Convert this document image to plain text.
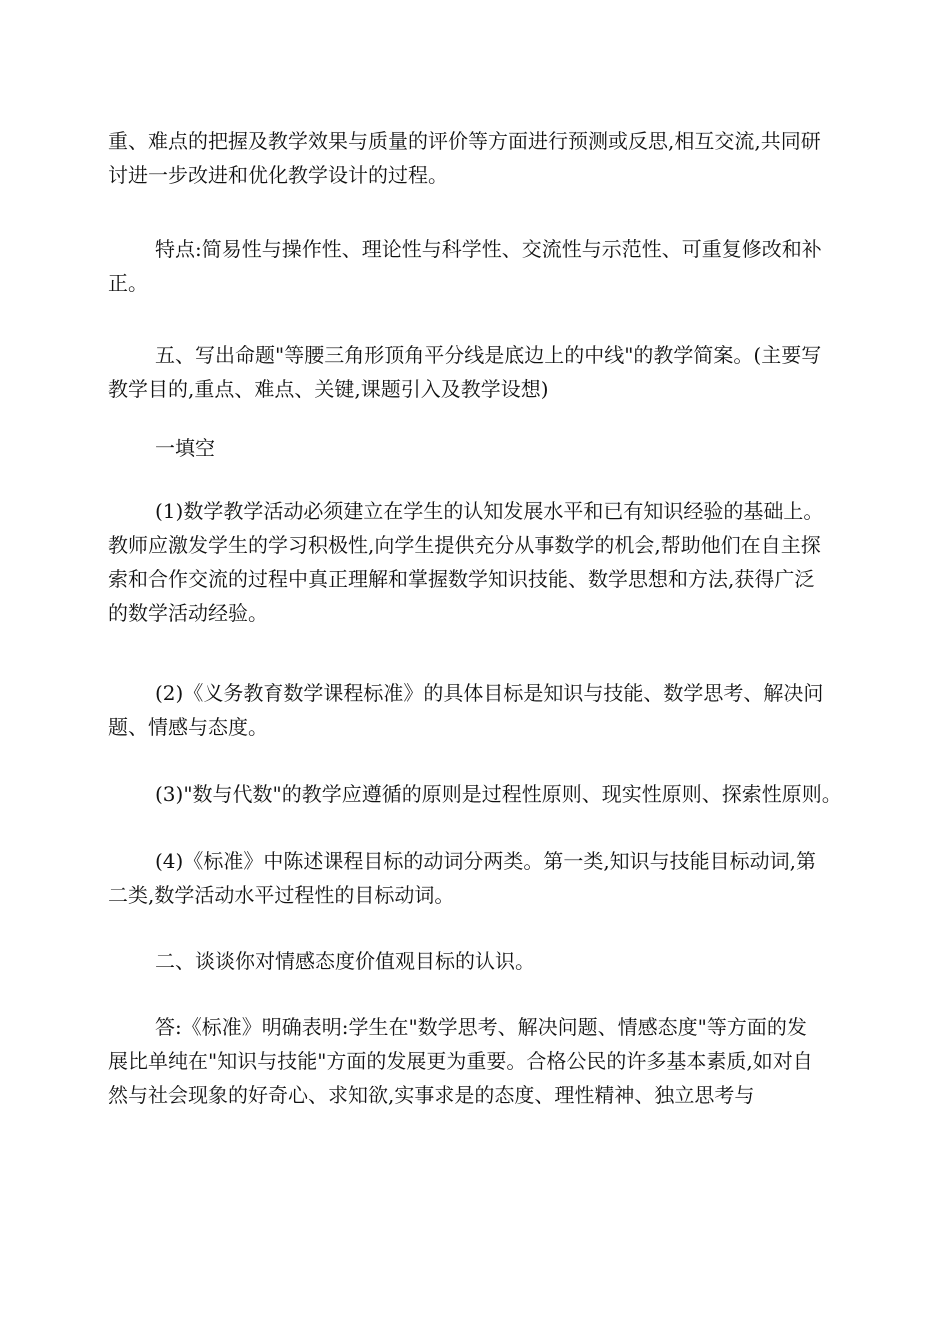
重、难点的把握及教学效果与质量的评价等方面进行预测或反思,相互交流,共同研
讨进一步改进和优化教学设计的过程。

特点:简易性与操作性、理论性与科学性、交流性与示范性、可重复修改和补
正。

五、写出命题"等腰三角形顶角平分线是底边上的中线"的教学简案。(主要写
教学目的,重点、难点、关键,课题引入及教学设想)

一填空

(1)数学教学活动必须建立在学生的认知发展水平和已有知识经验的基础上。
教师应激发学生的学习积极性,向学生提供充分从事数学的机会,帮助他们在自主探
索和合作交流的过程中真正理解和掌握数学知识技能、数学思想和方法,获得广泛
的数学活动经验。

(2)《义务教育数学课程标准》的具体目标是知识与技能、数学思考、解决问
题、情感与态度。

(3)"数与代数"的教学应遵循的原则是过程性原则、现实性原则、探索性原则。

(4)《标准》中陈述课程目标的动词分两类。第一类,知识与技能目标动词,第
二类,数学活动水平过程性的目标动词。

二、谈谈你对情感态度价值观目标的认识。

答:《标准》明确表明:学生在"数学思考、解决问题、情感态度"等方面的发
展比单纯在"知识与技能"方面的发展更为重要。合格公民的许多基本素质,如对自
然与社会现象的好奇心、求知欲,实事求是的态度、理性精神、独立思考与
